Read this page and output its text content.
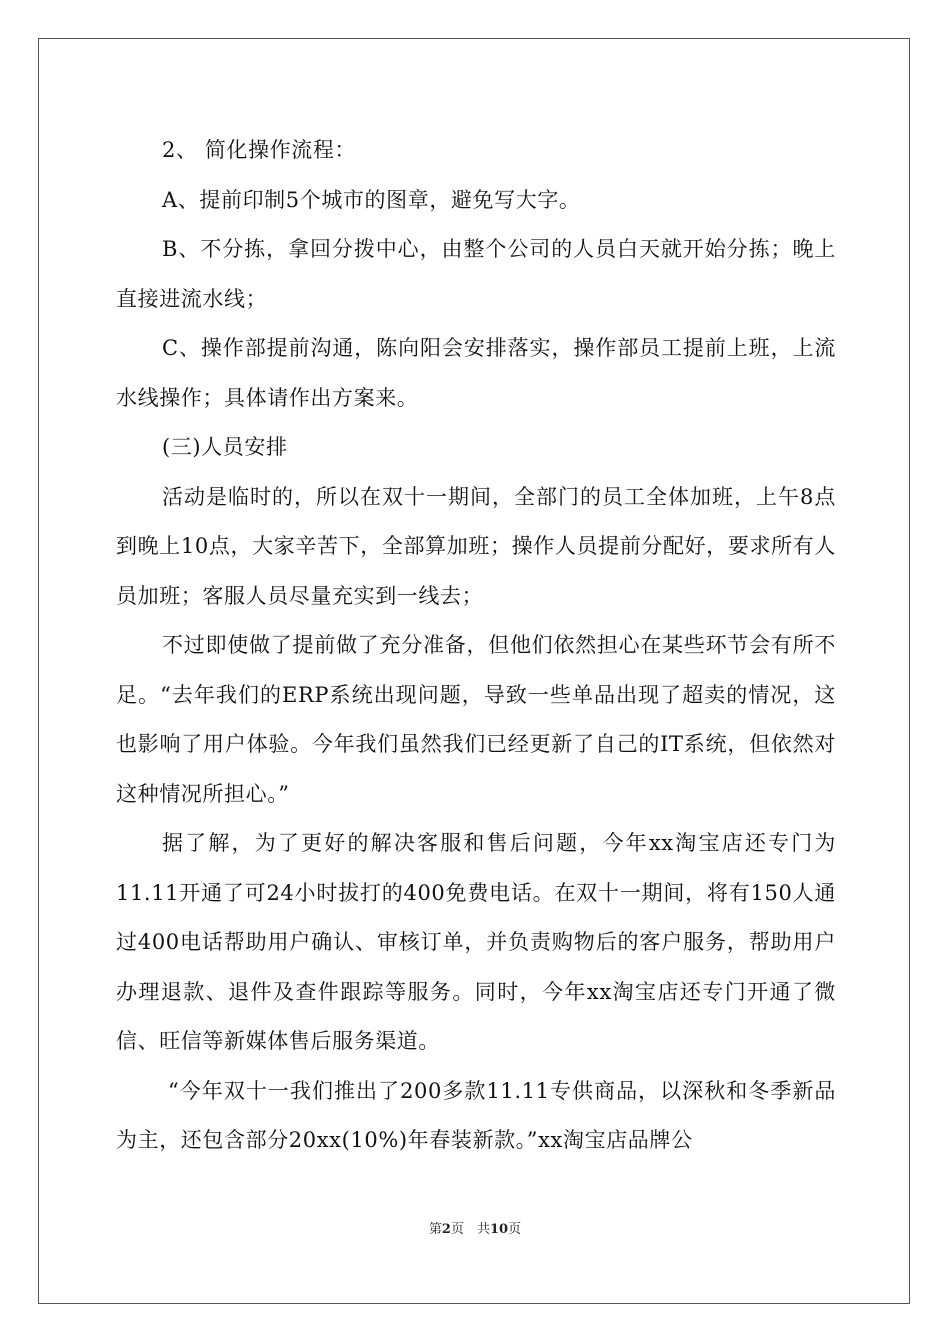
2、 简化操作流程：

A、提前印制5个城市的图章，避免写大字。

B、不分拣，拿回分拨中心，由整个公司的人员白天就开始分拣；晚上直接进流水线；

C、操作部提前沟通，陈向阳会安排落实，操作部员工提前上班，上流 水线操作；具体请作出方案来。

(三)人员安排

活动是临时的，所以在双十一期间，全部门的员工全体加班，上午8点到晚上10点，大家辛苦下，全部算加班；操作人员提前分配好，要求所有人员加班；客服人员尽量充实到一线去；

不过即使做了提前做了充分准备，但他们依然担心在某些环节会有所不足。“去年我们的ERP系统出现问题，导致一些单品出现了超卖的情况，这也影响了用户体验。今年我们虽然我们已经更新了自己的IT系统，但依然对这种情况所担心。”

据了解，为了更好的解决客服和售后问题，今年xx淘宝店还专门为11.11开通了可24小时拔打的400免费电话。在双十一期间，将有150人通过400电话帮助用户确认、审核订单，并负责购物后的客户服务，帮助用户办理退款、退件及查件跟踪等服务。同时，今年xx淘宝店还专门开通了微信、旺信等新媒体售后服务渠道。

“今年双十一我们推出了200多款11.11专供商品，以深秋和冬季新品为主，还包含部分20xx(10%)年春装新款。”xx淘宝店品牌公

第2页　共10页
